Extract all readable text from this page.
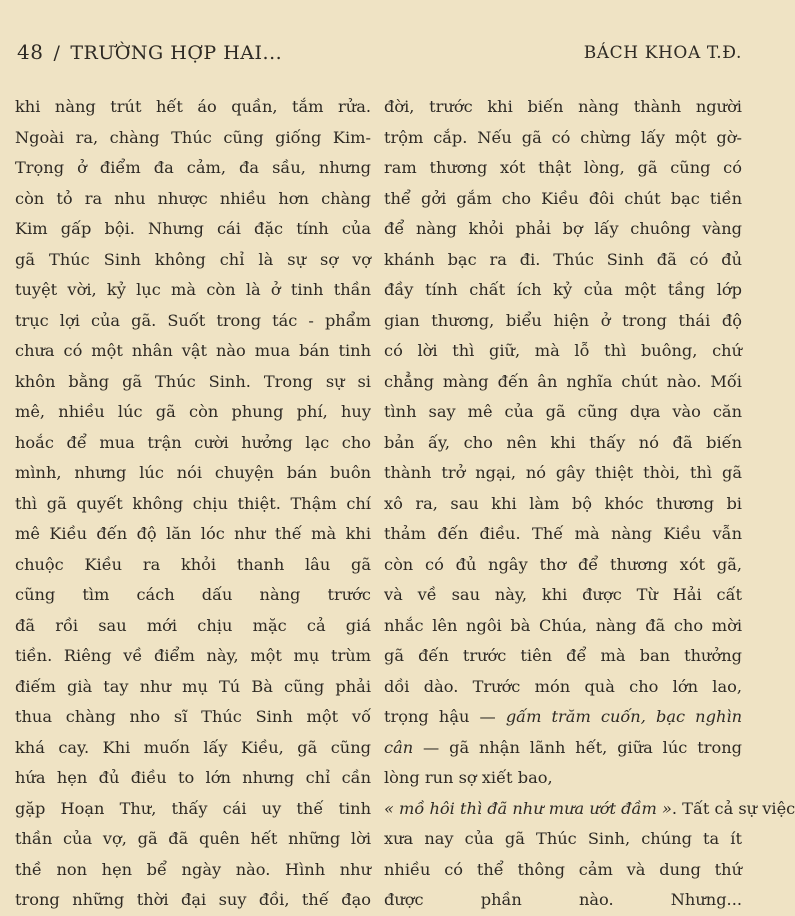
48 / TRƯỜNG HỢP HAI...	BÁCH KHOA T.Đ.
khi nàng trút hết áo quần, tắm rửa.
Ngoài ra, chàng Thúc cũng giống Kim-
Trọng ở điểm đa cảm, đa sầu, nhưng
còn tỏ ra nhu nhược nhiều hơn chàng
Kim gấp bội. Nhưng cái đặc tính của
gã Thúc Sinh không chỉ là sự sợ vợ
tuyệt vời, kỷ lục mà còn là ở tinh thần
trục lợi của gã. Suốt trong tác - phẩm
chưa có một nhân vật nào mua bán tinh
khôn bằng gã Thúc Sinh. Trong sự si
mê, nhiều lúc gã còn phung phí, huy
hoắc để mua trận cười hưởng lạc cho
mình, nhưng lúc nói chuyện bán buôn
thì gã quyết không chịu thiệt. Thậm chí
mê Kiều đến độ lăn lóc như thế mà khi
chuộc Kiều ra khỏi thanh lâu gã
cũng tìm cách dấu nàng trước
đã rồi sau mới chịu mặc cả giá
tiền. Riêng về điểm này, một mụ trùm
điếm già tay như mụ Tú Bà cũng phải
thua chàng nho sĩ Thúc Sinh một vố
khá cay. Khi muốn lấy Kiều, gã cũng
hứa hẹn đủ điều to lớn nhưng chỉ cần
gặp Hoạn Thư, thấy cái uy thế tinh
thần của vợ, gã đã quên hết những lời
thề non hẹn bể ngày nào. Hình như
trong những thời đại suy đồi, thế đạo
đời, trước khi biến nàng thành người
trộm cắp. Nếu gã có chừng lấy một gờ-
ram thương xót thật lòng, gã cũng có
thể gởi gắm cho Kiều đôi chút bạc tiền
để nàng khỏi phải bợ lấy chuông vàng
khánh bạc ra đi. Thúc Sinh đã có đủ
đầy tính chất ích kỷ của một tầng lớp
gian thương, biểu hiện ở trong thái độ
có lời thì giữ, mà lỗ thì buông, chứ
chẳng màng đến ân nghĩa chút nào. Mối
tình say mê của gã cũng dựa vào căn
bản ấy, cho nên khi thấy nó đã biến
thành trở ngại, nó gây thiệt thòi, thì gã
xô ra, sau khi làm bộ khóc thương bi
thảm đến điều. Thế mà nàng Kiều vẫn
còn có đủ ngây thơ để thương xót gã,
và về sau này, khi được Từ Hải cất
nhắc lên ngôi bà Chúa, nàng đã cho mời
gã đến trước tiên để mà ban thưởng
dồi dào. Trước món quà cho lớn lao,
trọng hậu — gấm trăm cuốn, bạc nghìn
cân — gã nhận lãnh hết, giữa lúc trong
lòng run sợ xiết bao,
« mồ hôi thì đã như mưa ướt đầm ». Tất cả sự việc
xưa nay của gã Thúc Sinh, chúng ta ít
nhiều có thể thông cảm và dung thứ
được phần nào. Nhưng...
